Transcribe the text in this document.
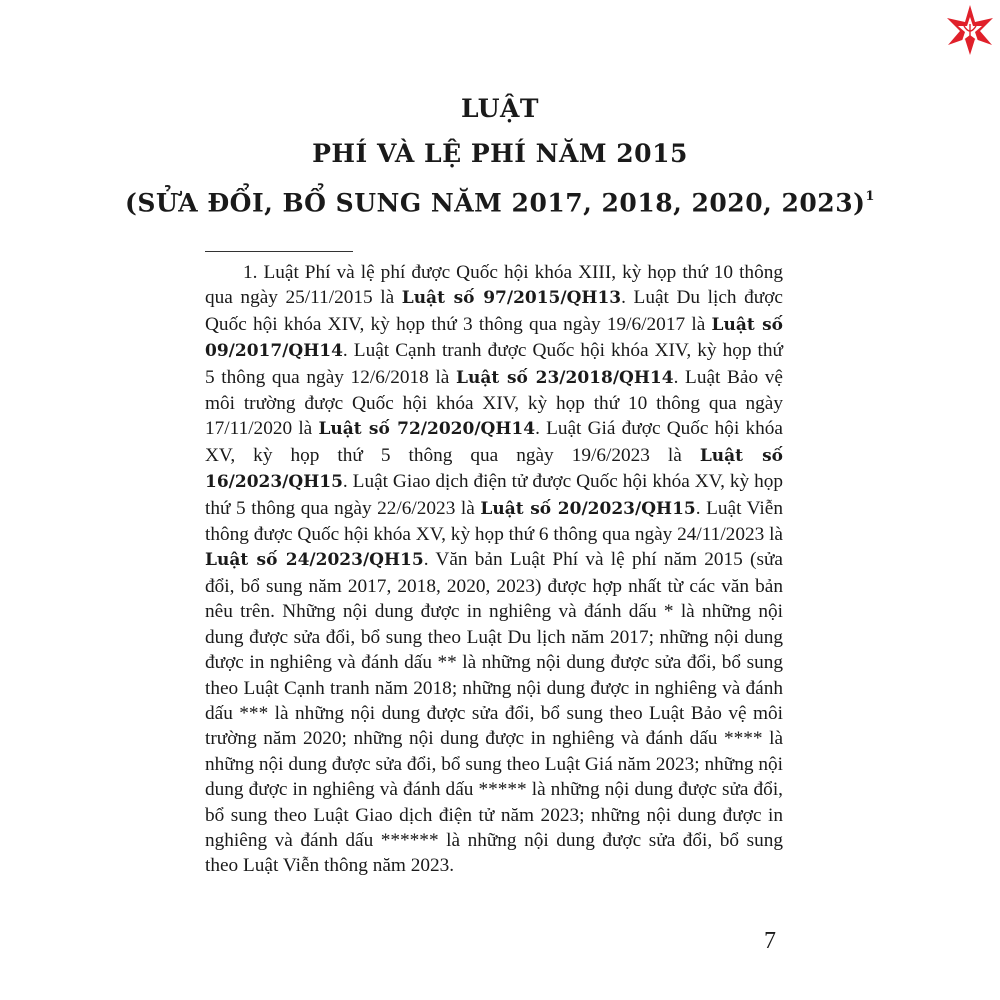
LUẬT
PHÍ VÀ LỆ PHÍ NĂM 2015
(SỬA ĐỔI, BỔ SUNG NĂM 2017, 2018, 2020, 2023)$^1$
1. Luật Phí và lệ phí được Quốc hội khóa XIII, kỳ họp thứ 10 thông qua ngày 25/11/2015 là Luật số 97/2015/QH13. Luật Du lịch được Quốc hội khóa XIV, kỳ họp thứ 3 thông qua ngày 19/6/2017 là Luật số 09/2017/QH14. Luật Cạnh tranh được Quốc hội khóa XIV, kỳ họp thứ 5 thông qua ngày 12/6/2018 là Luật số 23/2018/QH14. Luật Bảo vệ môi trường được Quốc hội khóa XIV, kỳ họp thứ 10 thông qua ngày 17/11/2020 là Luật số 72/2020/QH14. Luật Giá được Quốc hội khóa XV, kỳ họp thứ 5 thông qua ngày 19/6/2023 là Luật số 16/2023/QH15. Luật Giao dịch điện tử được Quốc hội khóa XV, kỳ họp thứ 5 thông qua ngày 22/6/2023 là Luật số 20/2023/QH15. Luật Viễn thông được Quốc hội khóa XV, kỳ họp thứ 6 thông qua ngày 24/11/2023 là Luật số 24/2023/QH15. Văn bản Luật Phí và lệ phí năm 2015 (sửa đổi, bổ sung năm 2017, 2018, 2020, 2023) được hợp nhất từ các văn bản nêu trên. Những nội dung được in nghiêng và đánh dấu * là những nội dung được sửa đổi, bổ sung theo Luật Du lịch năm 2017; những nội dung được in nghiêng và đánh dấu ** là những nội dung được sửa đổi, bổ sung theo Luật Cạnh tranh năm 2018; những nội dung được in nghiêng và đánh dấu *** là những nội dung được sửa đổi, bổ sung theo Luật Bảo vệ môi trường năm 2020; những nội dung được in nghiêng và đánh dấu **** là những nội dung được sửa đổi, bổ sung theo Luật Giá năm 2023; những nội dung được in nghiêng và đánh dấu ***** là những nội dung được sửa đổi, bổ sung theo Luật Giao dịch điện tử năm 2023; những nội dung được in nghiêng và đánh dấu ****** là những nội dung được sửa đổi, bổ sung theo Luật Viễn thông năm 2023.
7
